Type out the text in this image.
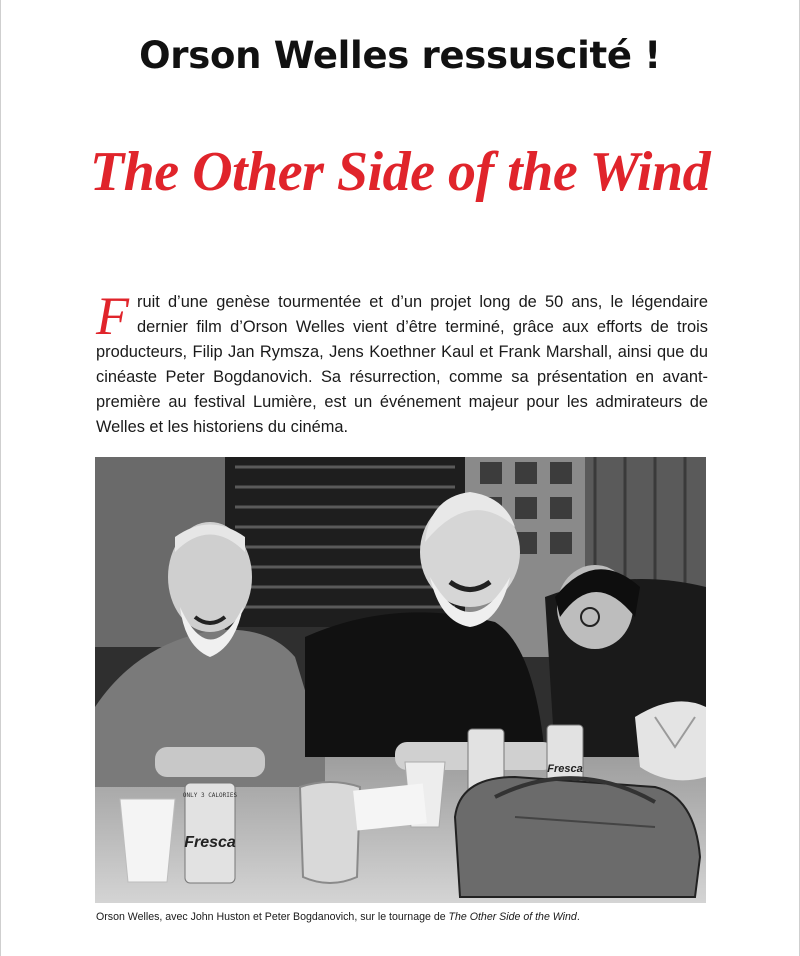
Orson Welles ressuscité !
The Other Side of the Wind

Fruit d’une genèse tourmentée et d’un projet long de 50 ans, le légendaire dernier film d’Orson Welles vient d’être terminé, grâce aux efforts de trois producteurs, Filip Jan Rymsza, Jens Koethner Kaul et Frank Marshall, ainsi que du cinéaste Peter Bogdanovich. Sa résurrection, comme sa présentation en avant-première au festival Lumière, est un événement majeur pour les admirateurs de Welles et les historiens du cinéma.

ONLY 3 CALORIES
Fresca
Fresca

Orson Welles, avec John Huston et Peter Bogdanovich, sur le tournage de The Other Side of the Wind.
